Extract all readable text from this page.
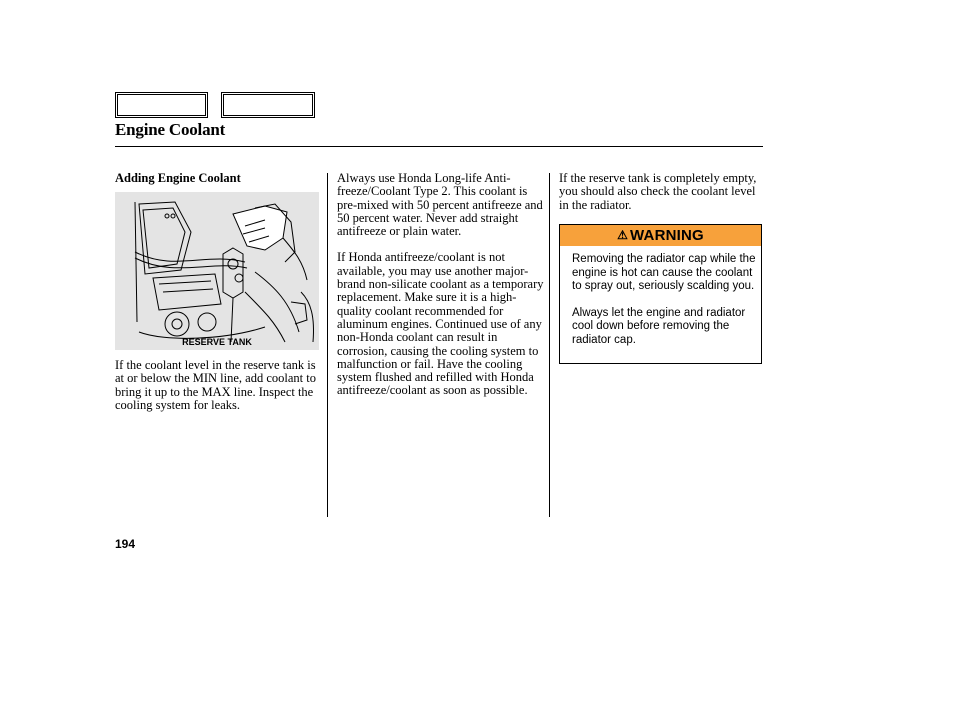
Engine Coolant
Adding Engine Coolant

If the coolant level in the reserve tank is at or below the MIN line, add coolant to bring it up to the MAX line. Inspect the cooling system for leaks.

RESERVE TANK

Always use Honda Long-life Anti-freeze/Coolant Type 2. This coolant is pre-mixed with 50 percent antifreeze and 50 percent water. Never add straight antifreeze or plain water.

If Honda antifreeze/coolant is not available, you may use another major-brand non-silicate coolant as a temporary replacement. Make sure it is a high-quality coolant recommended for aluminum engines. Continued use of any non-Honda coolant can result in corrosion, causing the cooling system to malfunction or fail. Have the cooling system flushed and refilled with Honda antifreeze/coolant as soon as possible.

If the reserve tank is completely empty, you should also check the coolant level in the radiator.

⚠ WARNING

Removing the radiator cap while the engine is hot can cause the coolant to spray out, seriously scalding you.

Always let the engine and radiator cool down before removing the radiator cap.

194
